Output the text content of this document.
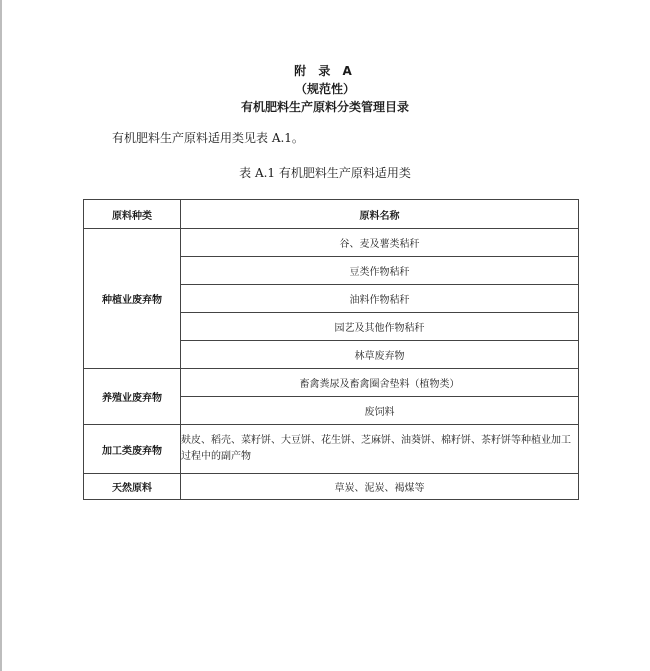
附 录 A
（规范性）
有机肥料生产原料分类管理目录
有机肥料生产原料适用类见表 A.1。
表 A.1 有机肥料生产原料适用类
原料种类	原料名称
种植业废弃物	谷、麦及薯类秸秆
	豆类作物秸秆
	油料作物秸秆
	园艺及其他作物秸秆
	林草废弃物
养殖业废弃物	畜禽粪尿及畜禽圈舍垫料（植物类）
	废饲料
加工类废弃物	麸皮、稻壳、菜籽饼、大豆饼、花生饼、芝麻饼、油葵饼、棉籽饼、茶籽饼等种植业加工过程中的副产物
天然原料	草炭、泥炭、褐煤等
